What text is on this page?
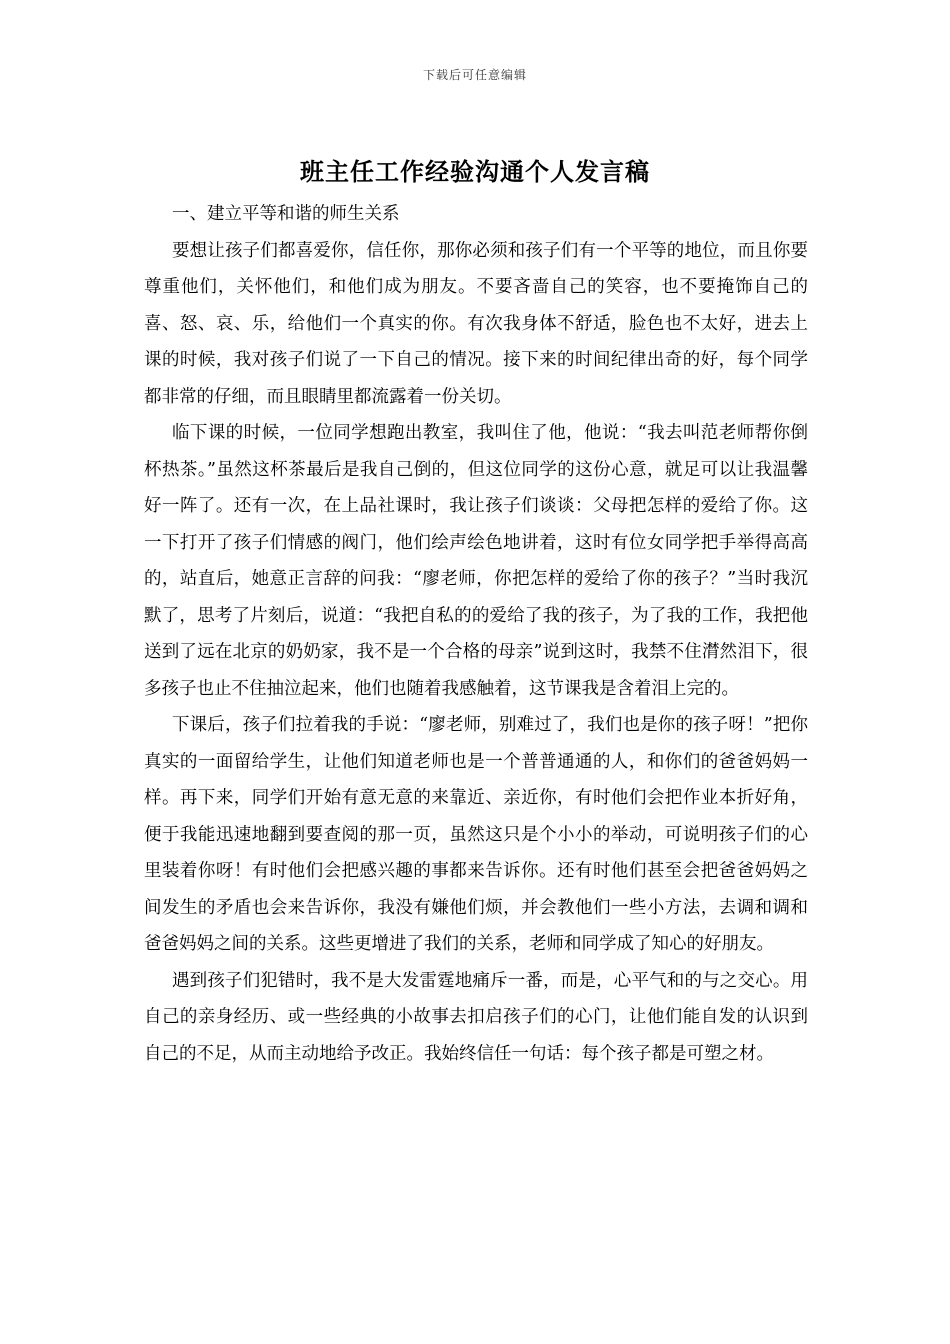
下载后可任意编辑
班主任工作经验沟通个人发言稿

一、建立平等和谐的师生关系

要想让孩子们都喜爱你，信任你，那你必须和孩子们有一个平等的地位，而且你要尊重他们，关怀他们，和他们成为朋友。不要吝啬自己的笑容，也不要掩饰自己的喜、怒、哀、乐，给他们一个真实的你。有次我身体不舒适，脸色也不太好，进去上课的时候，我对孩子们说了一下自己的情况。接下来的时间纪律出奇的好，每个同学都非常的仔细，而且眼睛里都流露着一份关切。

临下课的时候，一位同学想跑出教室，我叫住了他，他说：“我去叫范老师帮你倒杯热茶。”虽然这杯茶最后是我自己倒的，但这位同学的这份心意，就足可以让我温馨好一阵了。还有一次，在上品社课时，我让孩子们谈谈：父母把怎样的爱给了你。这一下打开了孩子们情感的阀门，他们绘声绘色地讲着，这时有位女同学把手举得高高的，站直后，她意正言辞的问我：“廖老师，你把怎样的爱给了你的孩子？”当时我沉默了，思考了片刻后，说道：“我把自私的的爱给了我的孩子，为了我的工作，我把他送到了远在北京的奶奶家，我不是一个合格的母亲”说到这时，我禁不住潸然泪下，很多孩子也止不住抽泣起来，他们也随着我感触着，这节课我是含着泪上完的。

下课后，孩子们拉着我的手说：“廖老师，别难过了，我们也是你的孩子呀！”把你真实的一面留给学生，让他们知道老师也是一个普普通通的人，和你们的爸爸妈妈一样。再下来，同学们开始有意无意的来靠近、亲近你，有时他们会把作业本折好角，便于我能迅速地翻到要查阅的那一页，虽然这只是个小小的举动，可说明孩子们的心里装着你呀！有时他们会把感兴趣的事都来告诉你。还有时他们甚至会把爸爸妈妈之间发生的矛盾也会来告诉你，我没有嫌他们烦，并会教他们一些小方法，去调和调和爸爸妈妈之间的关系。这些更增进了我们的关系，老师和同学成了知心的好朋友。

遇到孩子们犯错时，我不是大发雷霆地痛斥一番，而是，心平气和的与之交心。用自己的亲身经历、或一些经典的小故事去扣启孩子们的心门，让他们能自发的认识到自己的不足，从而主动地给予改正。我始终信任一句话：每个孩子都是可塑之材。
